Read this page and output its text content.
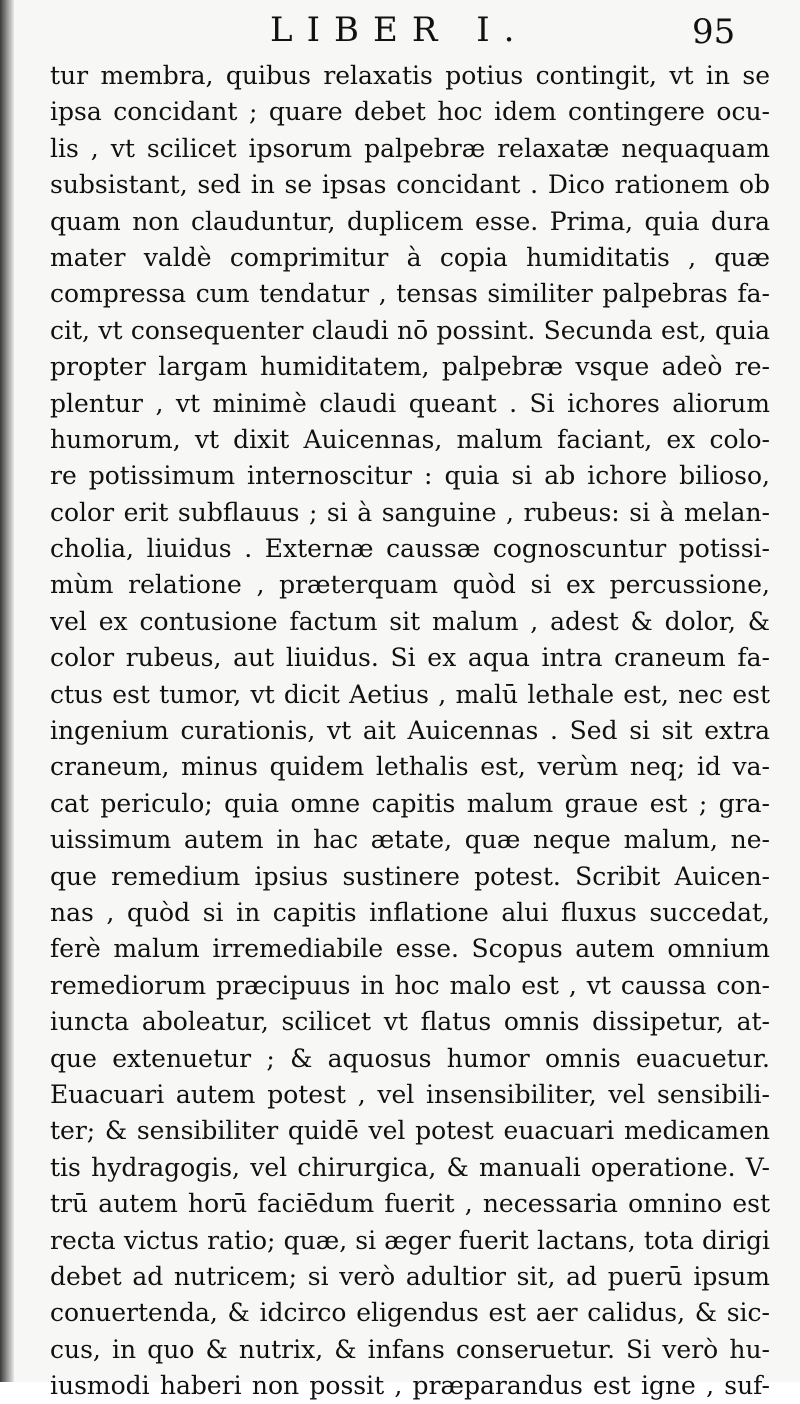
LIBER I.	95
tur membra, quibus relaxatis potius contingit, vt in se
ipsa concidant ; quare debet hoc idem contingere ocu-
lis , vt scilicet ipsorum palpebræ relaxatæ nequaquam
subsistant, sed in se ipsas concidant . Dico rationem ob
quam non clauduntur, duplicem esse. Prima, quia dura
mater valdè comprimitur à copia humiditatis , quæ
compressa cum tendatur , tensas similiter palpebras fa-
cit, vt consequenter claudi nō possint. Secunda est, quia
propter largam humiditatem, palpebræ vsque adeò re-
plentur , vt minimè claudi queant . Si ichores aliorum
humorum, vt dixit Auicennas, malum faciant, ex colo-
re potissimum internoscitur : quia si ab ichore bilioso,
color erit subflauus ; si à sanguine , rubeus: si à melan-
cholia, liuidus . Externæ caussæ cognoscuntur potissi-
mùm relatione , præterquam quòd si ex percussione,
vel ex contusione factum sit malum , adest & dolor, &
color rubeus, aut liuidus. Si ex aqua intra craneum fa-
ctus est tumor, vt dicit Aetius , malū lethale est, nec est
ingenium curationis, vt ait Auicennas . Sed si sit extra
craneum, minus quidem lethalis est, verùm neq; id va-
cat periculo; quia omne capitis malum graue est ; gra-
uissimum autem in hac ætate, quæ neque malum, ne-
que remedium ipsius sustinere potest. Scribit Auicen-
nas , quòd si in capitis inflatione alui fluxus succedat,
ferè malum irremediabile esse. Scopus autem omnium
remediorum præcipuus in hoc malo est , vt caussa con-
iuncta aboleatur, scilicet vt flatus omnis dissipetur, at-
que extenuetur ; & aquosus humor omnis euacuetur.
Euacuari autem potest , vel insensibiliter, vel sensibili-
ter; & sensibiliter quidē vel potest euacuari medicamen
tis hydragogis, vel chirurgica, & manuali operatione. V-
trū autem horū faciēdum fuerit , necessaria omnino est
recta victus ratio; quæ, si æger fuerit lactans, tota dirigi
debet ad nutricem; si verò adultior sit, ad puerū ipsum
conuertenda, & idcirco eligendus est aer calidus, & sic-
cus, in quo & nutrix, & infans conseruetur. Si verò hu-
iusmodi haberi non possit , præparandus est igne , suf-
